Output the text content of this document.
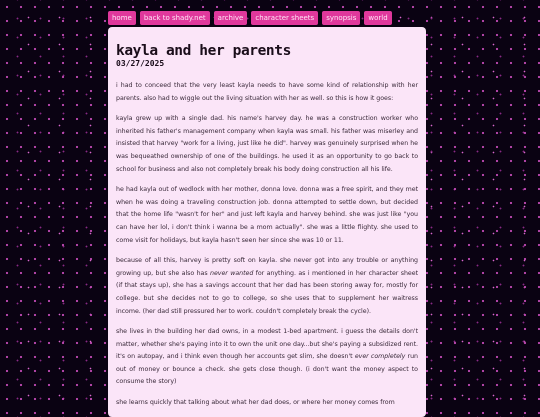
home	back to shady.net	archive	character sheets	synopsis	world
kayla and her parents
03/27/2025

i had to conceed that the very least kayla needs to have some kind of relationship with her parents. also had to wiggle out the living situation with her as well. so this is how it goes:

kayla grew up with a single dad. his name's harvey day. he was a construction worker who inherited his father's management company when kayla was small. his father was miserley and insisted that harvey "work for a living, just like he did". harvey was genuinely surprised when he was bequeathed ownership of one of the buildings. he used it as an opportunity to go back to school for business and also not completely break his body doing construction all his life.

he had kayla out of wedlock with her mother, donna love. donna was a free spirit, and they met when he was doing a traveling construction job. donna attempted to settle down, but decided that the home life "wasn't for her" and just left kayla and harvey behind. she was just like "you can have her lol, i don't think i wanna be a mom actually". she was a little flighty. she used to come visit for holidays, but kayla hasn't seen her since she was 10 or 11.

because of all this, harvey is pretty soft on kayla. she never got into any trouble or anything growing up, but she also has never wanted for anything. as i mentioned in her character sheet (if that stays up), she has a savings account that her dad has been storing away for, mostly for college. but she decides not to go to college, so she uses that to supplement her waitress income. (her dad still pressured her to work. couldn't completely break the cycle).

she lives in the building her dad owns, in a modest 1-bed apartment. i guess the details don't matter, whether she's paying into it to own the unit one day...but she's paying a subsidized rent. it's on autopay, and i think even though her accounts get slim, she doesn't ever completely run out of money or bounce a check. she gets close though. (i don't want the money aspect to consume the story)

she learns quickly that talking about what her dad does, or where her money comes from
